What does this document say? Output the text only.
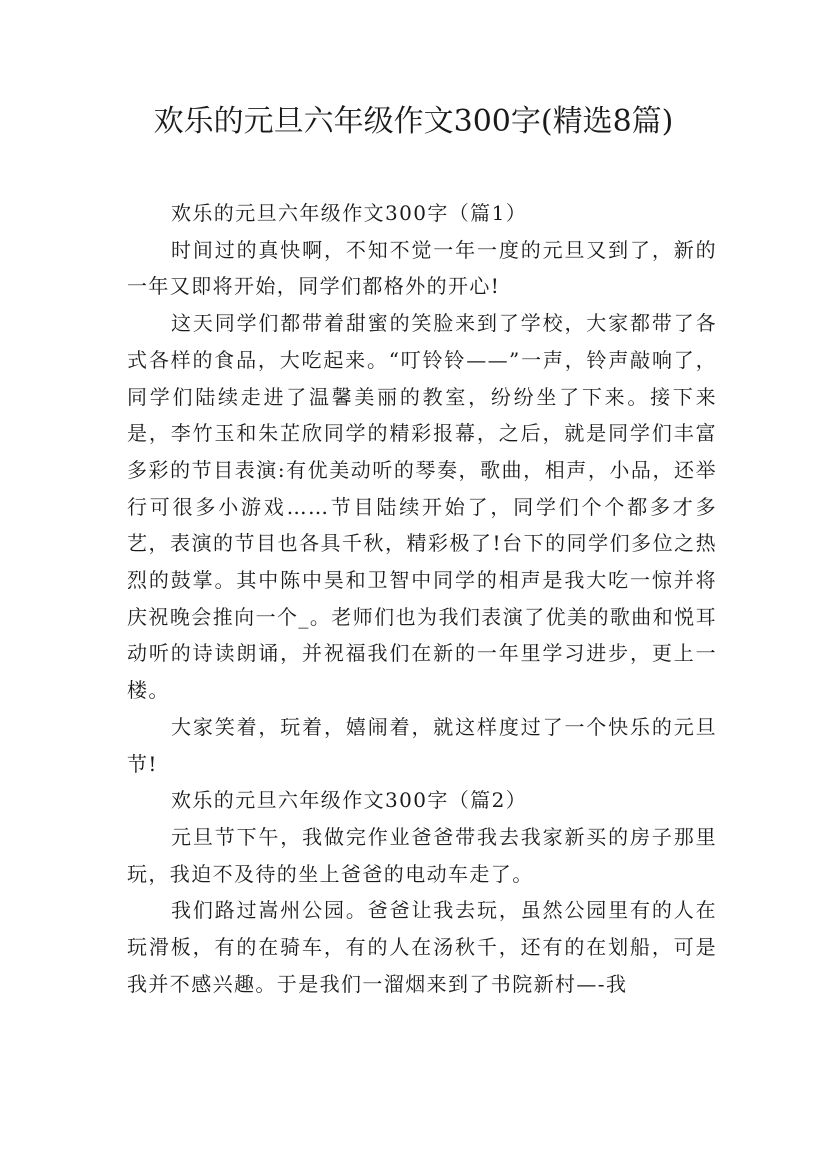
欢乐的元旦六年级作文300字(精选8篇)

欢乐的元旦六年级作文300字（篇1）

时间过的真快啊，不知不觉一年一度的元旦又到了，新的一年又即将开始，同学们都格外的开心!

这天同学们都带着甜蜜的笑脸来到了学校，大家都带了各式各样的食品，大吃起来。“叮铃铃——”一声，铃声敲响了，同学们陆续走进了温馨美丽的教室，纷纷坐了下来。接下来是，李竹玉和朱芷欣同学的精彩报幕，之后，就是同学们丰富多彩的节目表演:有优美动听的琴奏，歌曲，相声，小品，还举行可很多小游戏……节目陆续开始了，同学们个个都多才多艺，表演的节目也各具千秋，精彩极了!台下的同学们多位之热烈的鼓掌。其中陈中昊和卫智中同学的相声是我大吃一惊并将庆祝晚会推向一个_。老师们也为我们表演了优美的歌曲和悦耳动听的诗读朗诵，并祝福我们在新的一年里学习进步，更上一楼。

大家笑着，玩着，嬉闹着，就这样度过了一个快乐的元旦节!

欢乐的元旦六年级作文300字（篇2）

元旦节下午，我做完作业爸爸带我去我家新买的房子那里玩，我迫不及待的坐上爸爸的电动车走了。

我们路过嵩州公园。爸爸让我去玩，虽然公园里有的人在玩滑板，有的在骑车，有的人在汤秋千，还有的在划船，可是我并不感兴趣。于是我们一溜烟来到了书院新村—-我
